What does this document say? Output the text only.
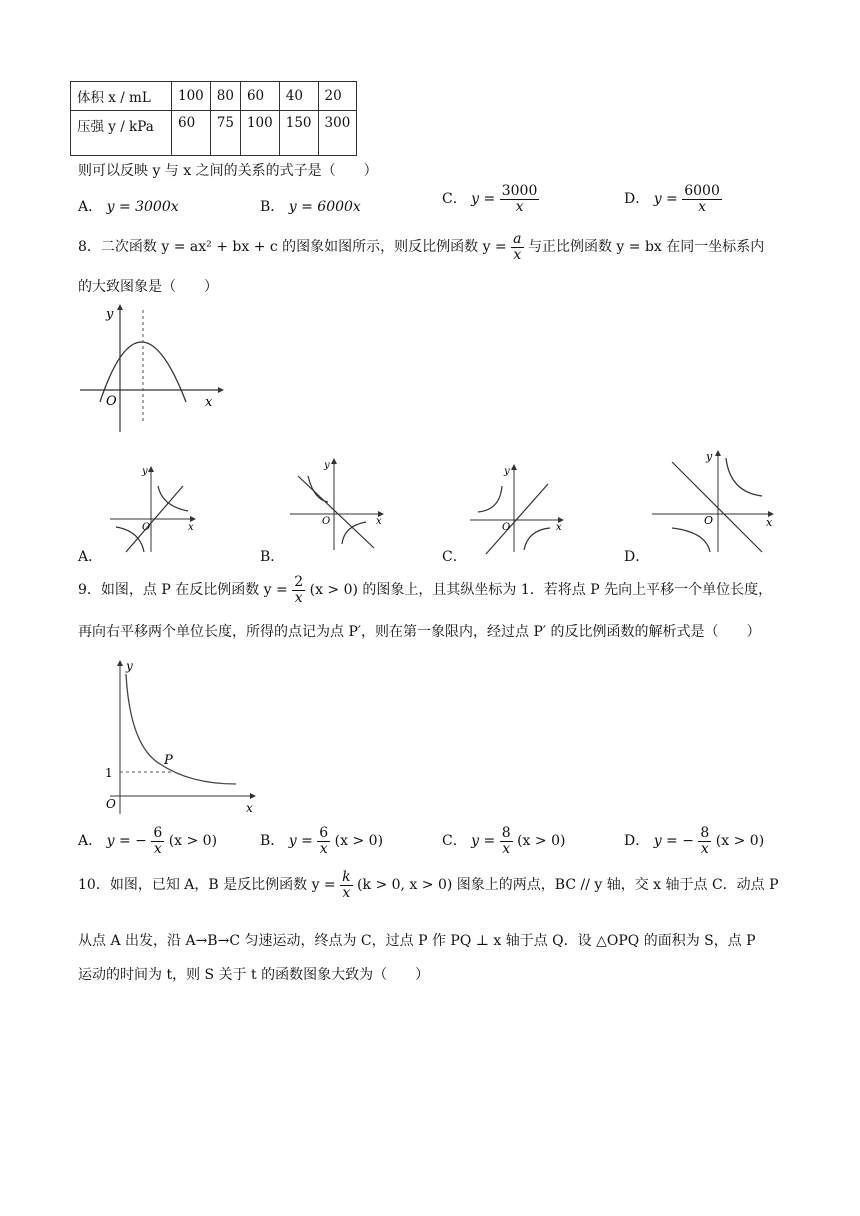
体积 x / mL	100	80	60	40	20
压强 y / kPa	60	75	100	150	300
则可以反映 y 与 x 之间的关系的式子是（　　）
A． y = 3000x	B． y = 6000x	C． $y = \frac{3000}{x}$	D． $y = \frac{6000}{x}$
8．二次函数 y = ax² + bx + c 的图象如图所示，则反比例函数 $y = \frac{a}{x}$ 与正比例函数 y = bx 在同一坐标系内
的大致图象是（　　）
O	x
y
O	x
y
A．
O	x
y
B．
O	x
y
C．
O	x
y
D．
9．如图，点 P 在反比例函数 $y = \frac{2}{x} (x > 0)$ 的图象上，且其纵坐标为 1．若将点 P 先向上平移一个单位长度，
再向右平移两个单位长度，所得的点记为点 P′，则在第一象限内，经过点 P′ 的反比例函数的解析式是（　　）
P
1
O	x
y
A． y = − $\frac{6}{x} (x > 0)$	B． $y = \frac{6}{x} (x > 0)$	C． $y = \frac{8}{x} (x > 0)$	D． y = − $\frac{8}{x} (x > 0)$
10．如图，已知 A，B 是反比例函数 $y = \frac{k}{x} (k > 0$, x > 0) 图象上的两点，BC // y 轴，交 x 轴于点 C．动点 P
从点 A 出发，沿 A→B→C 匀速运动，终点为 C，过点 P 作 PQ ⊥ x 轴于点 Q．设 △OPQ 的面积为 S，点 P
运动的时间为 t，则 S 关于 t 的函数图象大致为（　　）
